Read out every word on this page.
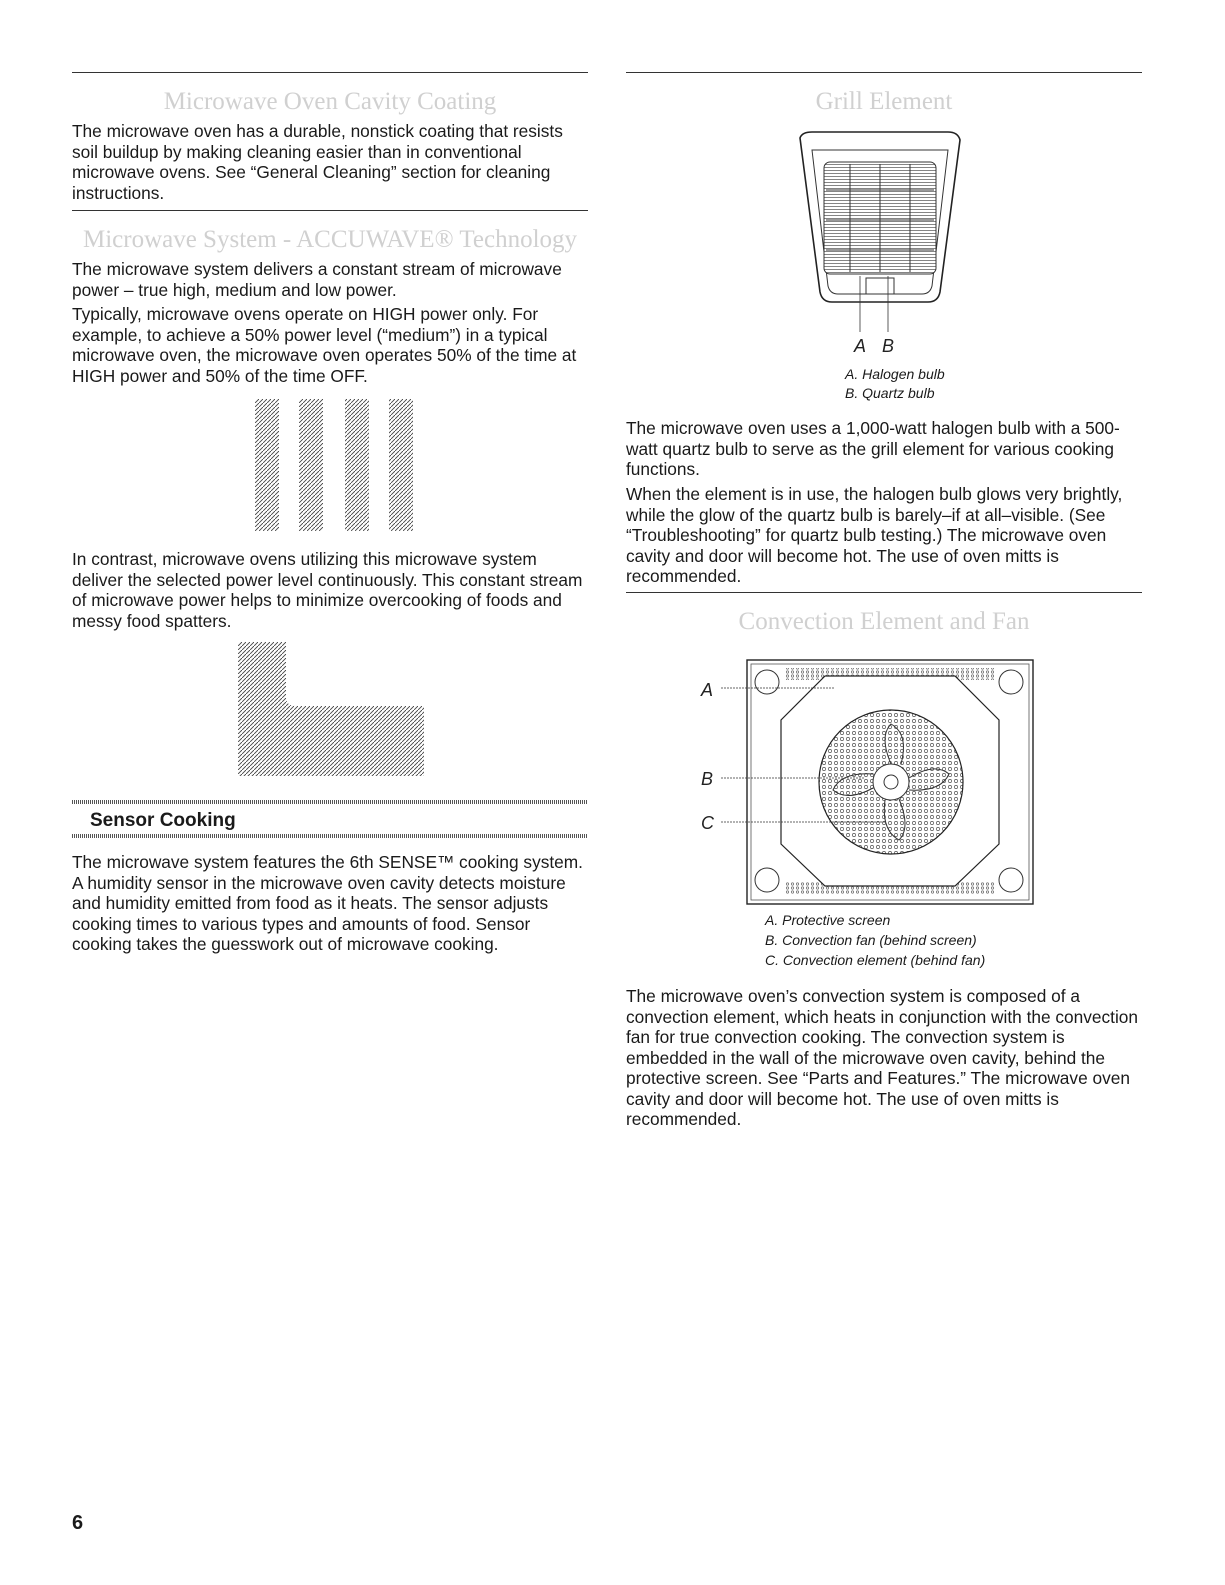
Microwave Oven Cavity Coating

The microwave oven has a durable, nonstick coating that resists soil buildup by making cleaning easier than in conventional microwave ovens. See “General Cleaning” section for cleaning instructions.

Microwave System - ACCUWAVE® Technology

The microwave system delivers a constant stream of microwave power – true high, medium and low power.

Typically, microwave ovens operate on HIGH power only. For example, to achieve a 50% power level (“medium”) in a typical microwave oven, the microwave oven operates 50% of the time at HIGH power and 50% of the time OFF.

In contrast, microwave ovens utilizing this microwave system deliver the selected power level continuously. This constant stream of microwave power helps to minimize overcooking of foods and messy food spatters.

Sensor Cooking

The microwave system features the 6th SENSE™ cooking system. A humidity sensor in the microwave oven cavity detects moisture and humidity emitted from food as it heats. The sensor adjusts cooking times to various types and amounts of food. Sensor cooking takes the guesswork out of microwave cooking.

Grill Element
A B
A. Halogen bulb
B. Quartz bulb

The microwave oven uses a 1,000-watt halogen bulb with a 500-watt quartz bulb to serve as the grill element for various cooking functions.

When the element is in use, the halogen bulb glows very brightly, while the glow of the quartz bulb is barely–if at all–visible. (See “Troubleshooting” for quartz bulb testing.) The microwave oven cavity and door will become hot. The use of oven mitts is recommended.

Convection Element and Fan
A
B
C
A. Protective screen
B. Convection fan (behind screen)
C. Convection element (behind fan)

The microwave oven’s convection system is composed of a convection element, which heats in conjunction with the convection fan for true convection cooking. The convection system is embedded in the wall of the microwave oven cavity, behind the protective screen. See “Parts and Features.” The microwave oven cavity and door will become hot. The use of oven mitts is recommended.

6
